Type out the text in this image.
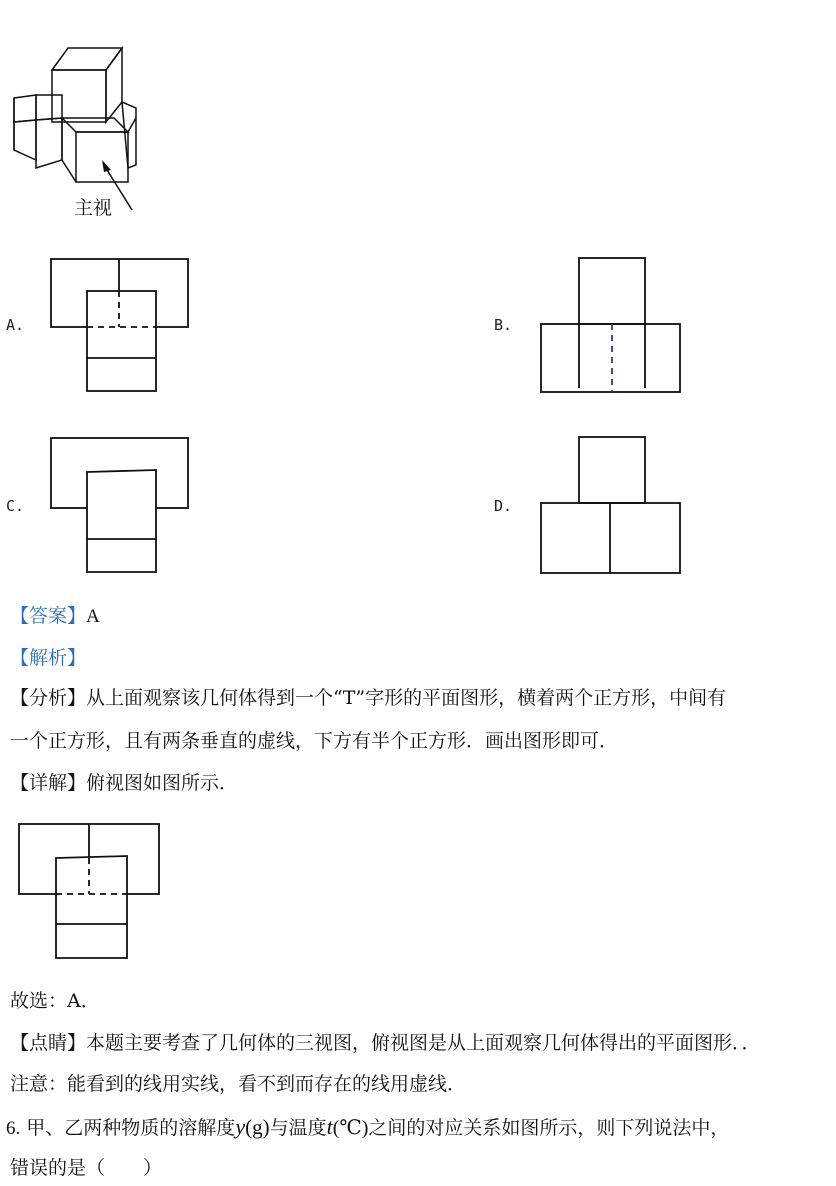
主视
A.	B.
C.	D.
【答案】A
【解析】
【分析】从上面观察该几何体得到一个“T”字形的平面图形，横着两个正方形，中间有
一个正方形，且有两条垂直的虚线，下方有半个正方形．画出图形即可．
【详解】俯视图如图所示．
故选：A．
【点睛】本题主要考查了几何体的三视图，俯视图是从上面观察几何体得出的平面图形．．
注意：能看到的线用实线，看不到而存在的线用虚线．
6. 甲、乙两种物质的溶解度y(g)与温度t(℃)之间的对应关系如图所示，则下列说法中，
错误的是（　　）
